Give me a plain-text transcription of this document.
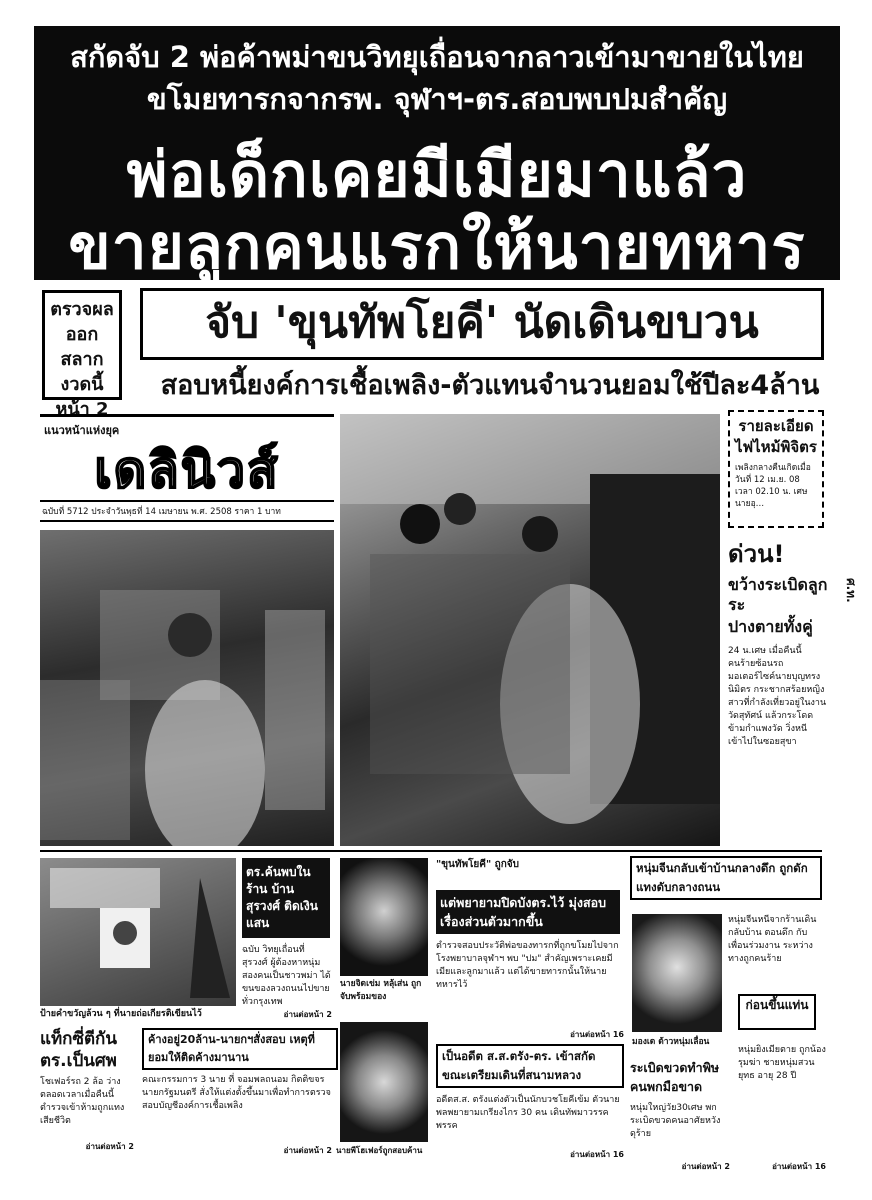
สกัดจับ 2 พ่อค้าพม่าขนวิทยุเถื่อนจากลาวเข้ามาขายในไทย
ขโมยทารกจากรพ. จุฬาฯ-ตร.สอบพบปมสำคัญ
พ่อเด็กเคยมีเมียมาแล้ว
ขายลูกคนแรกให้นายทหาร
ตรวจผล
ออกสลาก
งวดนี้
หน้า 2
จับ 'ขุนทัพโยคี' นัดเดินขบวน
สอบหนี้ยงค์การเชื้อเพลิง-ตัวแทนจำนวนยอมใช้ปีละ4ล้าน
แนวหน้าแห่งยุค
เดลินิวส์
ฉบับที่ 5712 ประจำวันพุธที่ 14 เมษายน พ.ศ. 2508 ราคา 1 บาท
รายละเอียดไฟไหม้พิจิตร
เพลิงกลางคืนเกิดเมื่อวันที่ 12 เม.ย. 08 เวลา 02.10 น. เศษ นายอุ…
ด่วน!
ขว้างระเบิดลูกระ
ปางตายทั้งคู่
24 น.เศษ เมื่อคืนนี้ คนร้ายซ้อนรถมอเตอร์ไซค์นายบุญทรง นิมิตร กระชากสร้อยหญิง สาวที่กำลังเที่ยวอยู่ในงานวัดสุทัศน์ แล้วกระโดดข้ามกำแพงวัด วิ่งหนีเข้าไปในซอยสุขา
ป้ายคำขวัญล้วน ๆ ที่นายถ่อเกียรติเขียนไว้
ตร.ค้นพบในร้าน บ้านสุรวงศ์ ติดเงินแสน
ฉบับ วิทยุเถื่อนที่ สุรวงศ์ ผู้ต้องหาหนุ่มสองคนเป็นชาวพม่า ได้ขนของลวงถนนไปขายทั่วกรุงเทพ
อ่านต่อหน้า 2
นายจิดเข่ม หลุ้เส่น ถูกจับพร้อมของ
นายพีโฮเฟอร์ถูกสอบค้าน
"ขุนทัพโยคี" ถูกจับ
แต่พยายามปิดบังตร.ไว้ มุ่งสอบเรื่องส่วนตัวมากขึ้น
ตำรวจสอบประวัติพ่อของทารกที่ถูกขโมยไปจากโรงพยาบาลจุฬาฯ พบ "ปม" สำคัญเพราะเคยมีเมียและลูกมาแล้ว แต่ได้ขายทารกนั้นให้นายทหารไว้
อ่านต่อหน้า 16
เป็นอดีต ส.ส.ตรัง-ตร. เข้าสกัด ขณะเตรียมเดินที่สนามหลวง
อดีตส.ส. ตรังแต่งตัวเป็นนักบวชโยคีเข้ม ตัวนายพลพยายามเกรียงไกร 30 คน เดินทัพมาวรรคพรรค
อ่านต่อหน้า 16
ค้างอยู่20ล้าน-นายกฯสั่งสอบ เหตุที่ยอมให้ติดค้างมานาน
คณะกรรมการ 3 นาย ที่ จอมพลถนอม กิตติขจร นายกรัฐมนตรี สั่งให้แต่งตั้งขึ้นมาเพื่อทำการตรวจสอบบัญชีองค์การเชื้อเพลิง
อ่านต่อหน้า 2
แท็กซี่ตีกัน ตร.เป็นศพ
โชเฟอร์รถ 2 ล้อ ว่าง ตลอดเวลาเมื่อคืนนี้ ตำรวจเข้าห้ามถูกแทงเสียชีวิต
อ่านต่อหน้า 2
หนุ่มจีนกลับเข้าบ้านกลางดึก ถูกดักแทงดับกลางถนน
หนุ่มจีนหนีจากร้านเดินกลับบ้าน ตอนดึก กับเพื่อนร่วมงาน ระหว่างทางถูกคนร้าย
มองเด ด้าวหนุ่มเลื่อน
ก่อนขึ้นแท่น
หนุ่มยิงเมียตาย ถูกน้องรุมฆ่า ชายหนุ่มสวนยุทธ อายุ 28 ปี
อ่านต่อหน้า 16
ระเบิดขวดทำพิษ คนพกมือขาด
หนุ่มใหญ่วัย30เศษ พกระเบิดขวดคนอาศัยหวังดุร้าย
อ่านต่อหน้า 2
ศ.ท.
